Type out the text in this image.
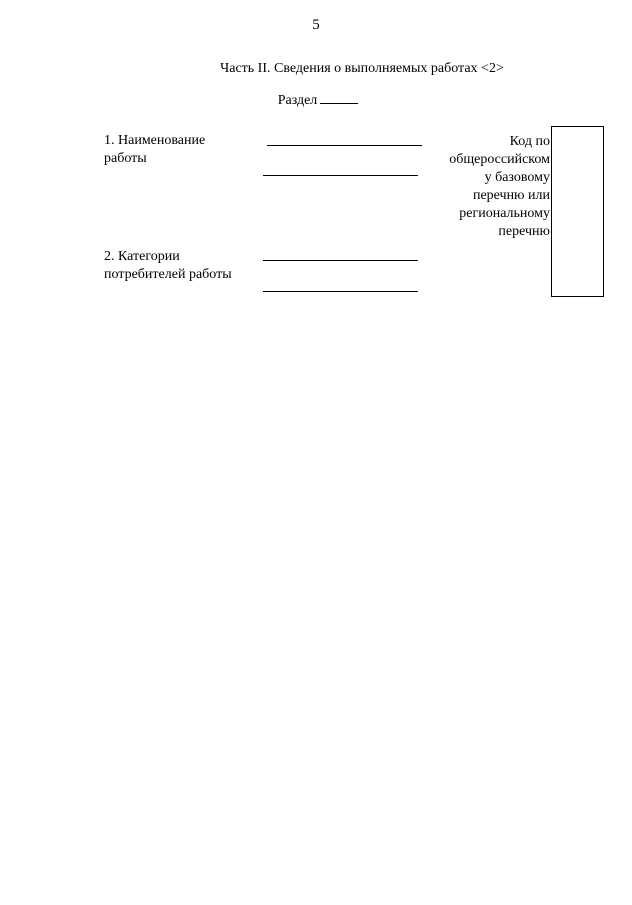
5
Часть II. Сведения о выполняемых работах <2>
Раздел
1. Наименование
работы
2. Категории
потребителей работы
Код по
общероссийском
у базовому
перечню или
региональному
перечню
